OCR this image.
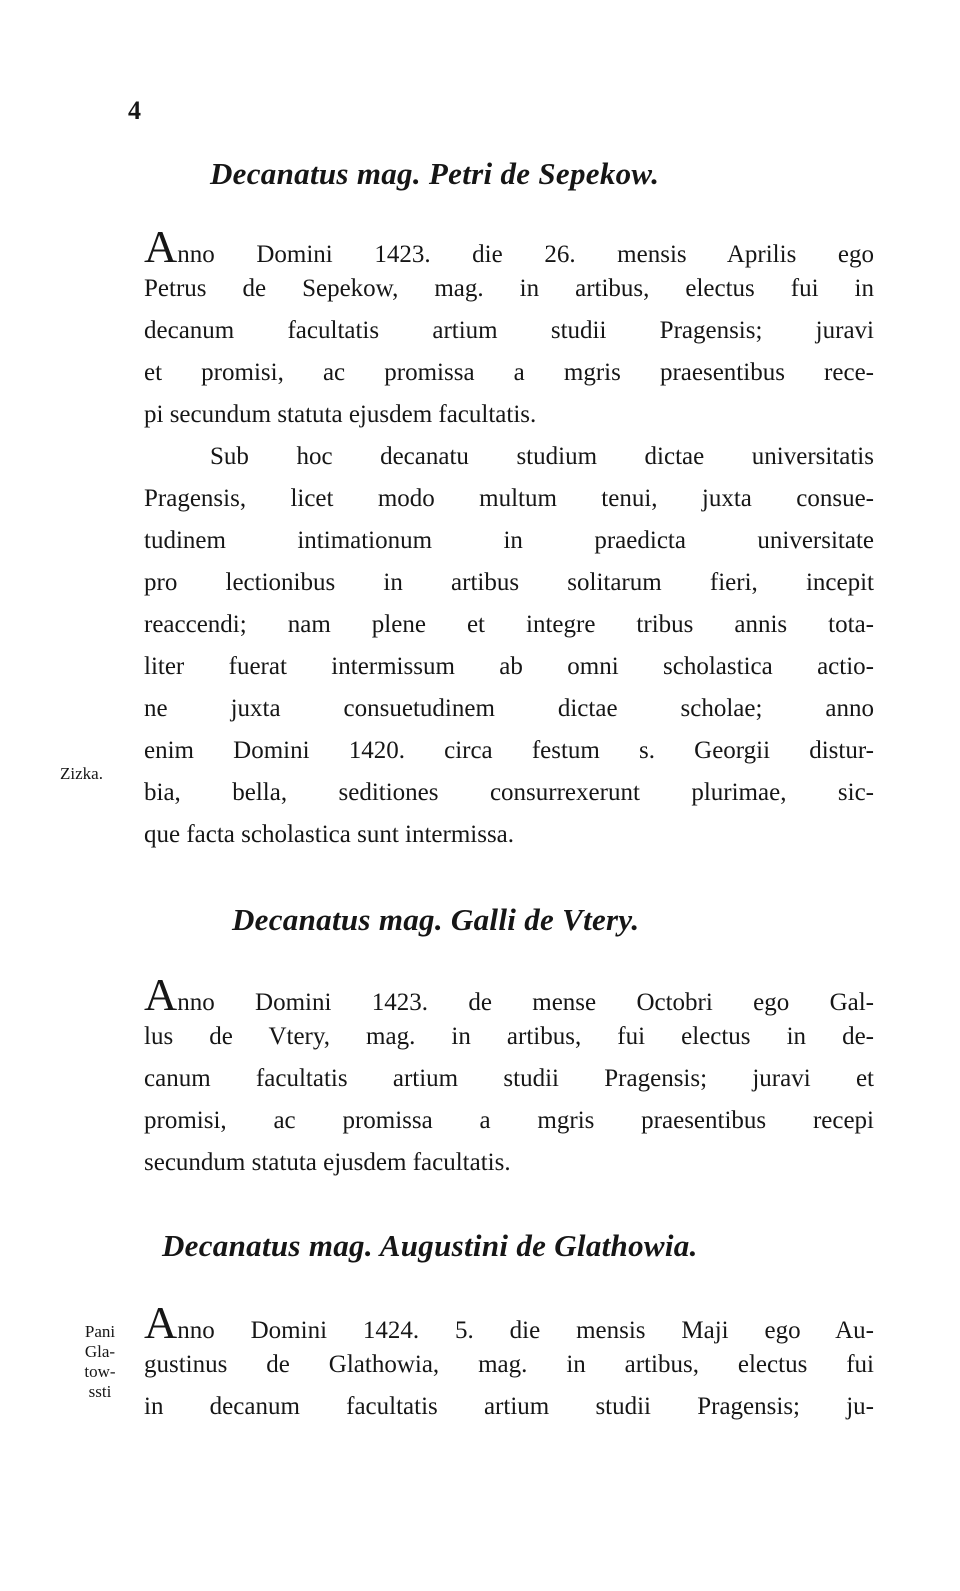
4
Decanatus mag. Petri de Sepekow.
Anno Domini 1423. die 26. mensis Aprilis ego
Petrus de Sepekow, mag. in artibus, electus fui in
decanum facultatis artium studii Pragensis; juravi
et promisi, ac promissa a mgris praesentibus rece-
pi secundum statuta ejusdem facultatis.
Sub hoc decanatu studium dictae universitatis
Pragensis, licet modo multum tenui, juxta consue-
tudinem intimationum in praedicta universitate
pro lectionibus in artibus solitarum fieri, incepit
reaccendi; nam plene et integre tribus annis tota-
liter fuerat intermissum ab omni scholastica actio-
ne juxta consuetudinem dictae scholae; anno
enim Domini 1420. circa festum s. Georgii distur-
bia, bella, seditiones consurrexerunt plurimae, sic-
que facta scholastica sunt intermissa.
Zizka.
Decanatus mag. Galli de Vtery.
Anno Domini 1423. de mense Octobri ego Gal-
lus de Vtery, mag. in artibus, fui electus in de-
canum facultatis artium studii Pragensis; juravi et
promisi, ac promissa a mgris praesentibus recepi
secundum statuta ejusdem facultatis.
Decanatus mag. Augustini de Glathowia.
Anno Domini 1424. 5. die mensis Maji ego Au-
gustinus de Glathowia, mag. in artibus, electus fui
in decanum facultatis artium studii Pragensis; ju-
Pani
Gla-
tow-
ssti
